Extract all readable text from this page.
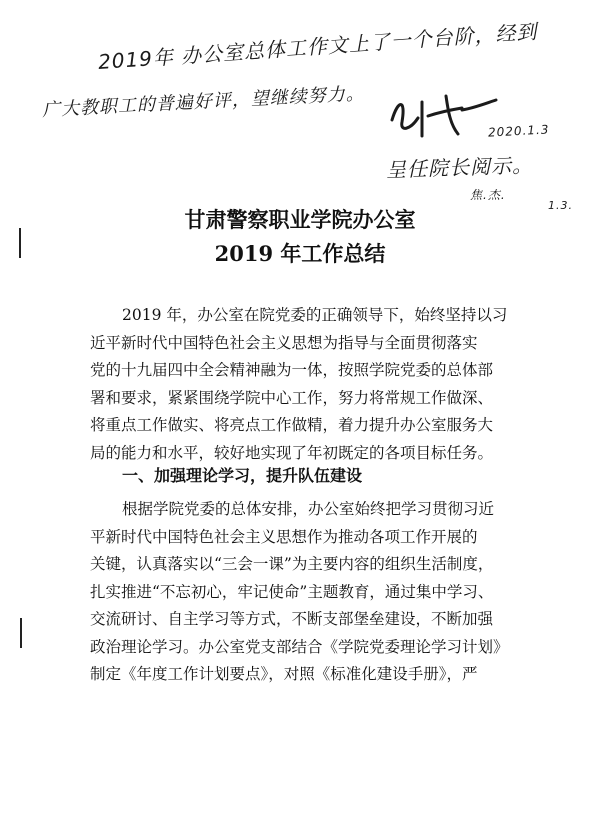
2019年 办公室总体工作文上了一个台阶，经到
广大教职工的普遍好评，望继续努力。
2020.1.3
呈任院长阅示。
焦.杰.
1.3.
甘肃警察职业学院办公室
2019 年工作总结

2019 年，办公室在院党委的正确领导下，始终坚持以习

近平新时代中国特色社会主义思想为指导与全面贯彻落实

党的十九届四中全会精神融为一体，按照学院党委的总体部

署和要求，紧紧围绕学院中心工作，努力将常规工作做深、

将重点工作做实、将亮点工作做精，着力提升办公室服务大

局的能力和水平，较好地实现了年初既定的各项目标任务。

一、加强理论学习，提升队伍建设

根据学院党委的总体安排，办公室始终把学习贯彻习近

平新时代中国特色社会主义思想作为推动各项工作开展的

关键，认真落实以“三会一课”为主要内容的组织生活制度，

扎实推进“不忘初心，牢记使命”主题教育，通过集中学习、

交流研讨、自主学习等方式，不断支部堡垒建设，不断加强

政治理论学习。办公室党支部结合《学院党委理论学习计划》

制定《年度工作计划要点》，对照《标准化建设手册》，严
